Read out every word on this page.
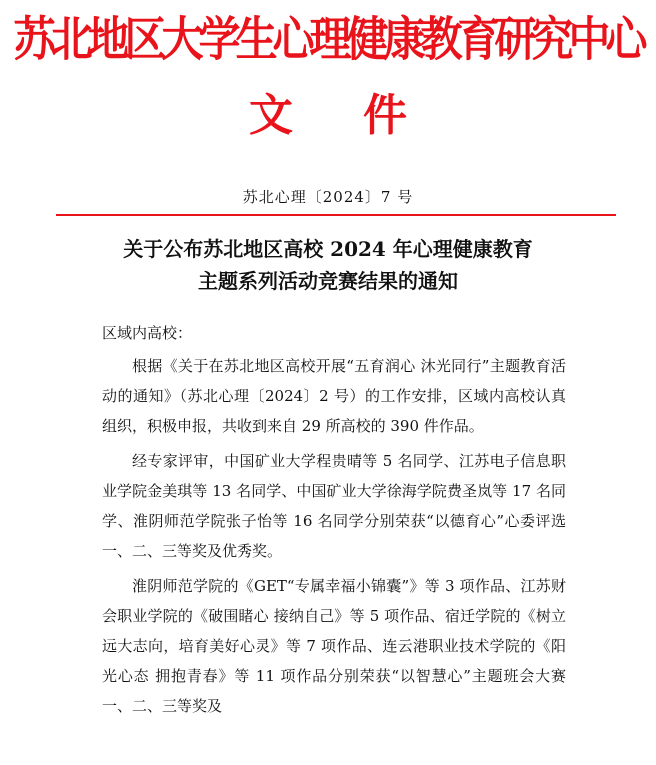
苏北地区大学生心理健康教育研究中心
文件
苏北心理〔2024〕7 号
关于公布苏北地区高校 2024 年心理健康教育
主题系列活动竞赛结果的通知
区域内高校：

根据《关于在苏北地区高校开展“五育润心 沐光同行”主题教育活动的通知》（苏北心理〔2024〕2 号）的工作安排，区域内高校认真组织，积极申报，共收到来自 29 所高校的 390 件作品。

经专家评审，中国矿业大学程贵晴等 5 名同学、江苏电子信息职业学院金美琪等 13 名同学、中国矿业大学徐海学院费圣岚等 17 名同学、淮阴师范学院张子怡等 16 名同学分别荣获“以德育心”心委评选一、二、三等奖及优秀奖。

淮阴师范学院的《GET“专属幸福小锦囊”》等 3 项作品、江苏财会职业学院的《破围睹心 接纳自己》等 5 项作品、宿迁学院的《树立远大志向，培育美好心灵》等 7 项作品、连云港职业技术学院的《阳光心态 拥抱青春》等 11 项作品分别荣获“以智慧心”主题班会大赛一、二、三等奖及
